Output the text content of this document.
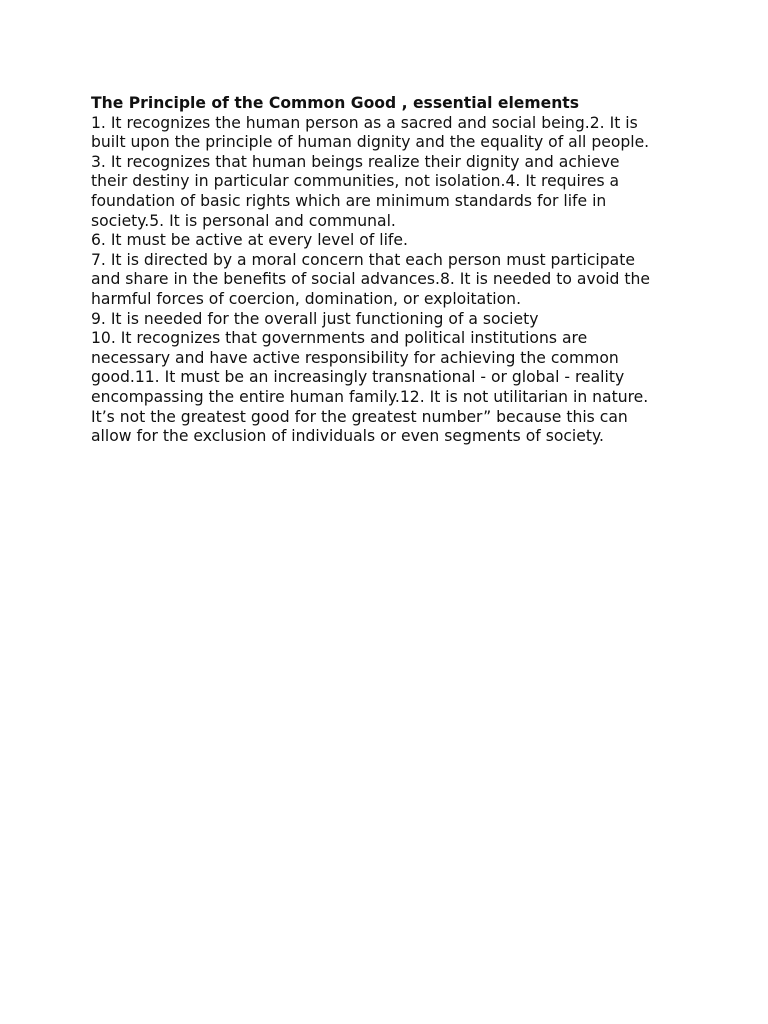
The Principle of the Common Good , essential elements

1. It recognizes the human person as a sacred and social being.2. It is

built upon the principle of human dignity and the equality of all people.

3. It recognizes that human beings realize their dignity and achieve

their destiny in particular communities, not isolation.4. It requires a

foundation of basic rights which are minimum standards for life in

society.5. It is personal and communal.

6. It must be active at every level of life.

7. It is directed by a moral concern that each person must participate

and share in the benefits of social advances.8. It is needed to avoid the

harmful forces of coercion, domination, or exploitation.

9. It is needed for the overall just functioning of a society

10. It recognizes that governments and political institutions are

necessary and have active responsibility for achieving the common

good.11. It must be an increasingly transnational - or global - reality

encompassing the entire human family.12. It is not utilitarian in nature.

It’s not the greatest good for the greatest number” because this can

allow for the exclusion of individuals or even segments of society.
